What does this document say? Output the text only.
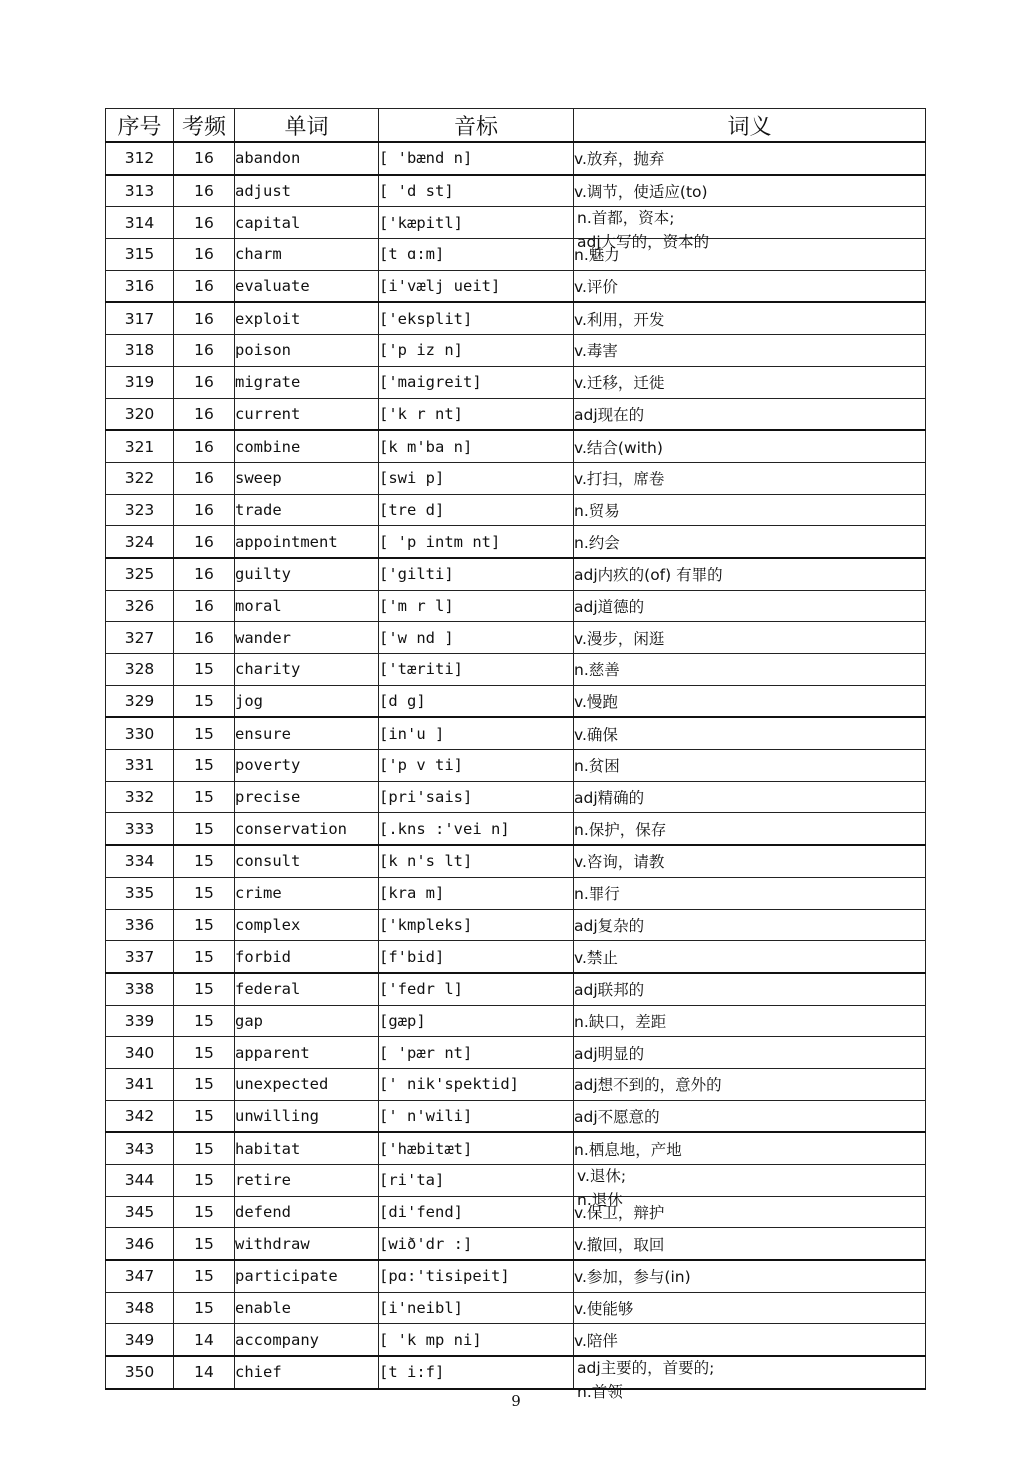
序号	考频	单词	音标	词义
312	16	abandon	[ 'bænd n]	v.放弃，抛弃
313	16	adjust	[ 'd st]	v.调节，使适应(to)
314	16	capital	['kæpitl]	n.首都，资本;
adj大写的，资本的

315	16	charm	[t ɑ:m]	n.魅力
316	16	evaluate	[i'vælj ueit]	v.评价
317	16	exploit	['eksplit]	v.利用，开发
318	16	poison	['p iz n]	v.毒害
319	16	migrate	['maigreit]	v.迁移，迁徙
320	16	current	['k r nt]	adj现在的
321	16	combine	[k m'ba n]	v.结合(with)
322	16	sweep	[swi p]	v.打扫，席卷
323	16	trade	[tre d]	n.贸易
324	16	appointment	[ 'p intm nt]	n.约会
325	16	guilty	['gilti]	adj内疚的(of) 有罪的
326	16	moral	['m r l]	adj道德的
327	16	wander	['w nd ]	v.漫步，闲逛
328	15	charity	['tæriti]	n.慈善
329	15	jog	[d g]	v.慢跑
330	15	ensure	[in'u ]	v.确保
331	15	poverty	['p v ti]	n.贫困
332	15	precise	[pri'sais]	adj精确的
333	15	conservation	[.kns :'vei n]	n.保护，保存
334	15	consult	[k n's lt]	v.咨询，请教
335	15	crime	[kra m]	n.罪行
336	15	complex	['kmpleks]	adj复杂的
337	15	forbid	[f'bid]	v.禁止
338	15	federal	['fedr l]	adj联邦的
339	15	gap	[gæp]	n.缺口，差距
340	15	apparent	[ 'pær nt]	adj明显的
341	15	unexpected	[' nik'spektid]	adj想不到的，意外的
342	15	unwilling	[' n'wili]	adj不愿意的
343	15	habitat	['hæbitæt]	n.栖息地，产地
344	15	retire	[ri'ta]	v.退休;
n.退休

345	15	defend	[di'fend]	v.保卫，辩护
346	15	withdraw	[wið'dr :]	v.撤回，取回
347	15	participate	[pɑ:'tisipeit]	v.参加，参与(in)
348	15	enable	[i'neibl]	v.使能够
349	14	accompany	[ 'k mp ni]	v.陪伴
350	14	chief	[t i:f]	adj主要的，首要的;
n.首领
9
